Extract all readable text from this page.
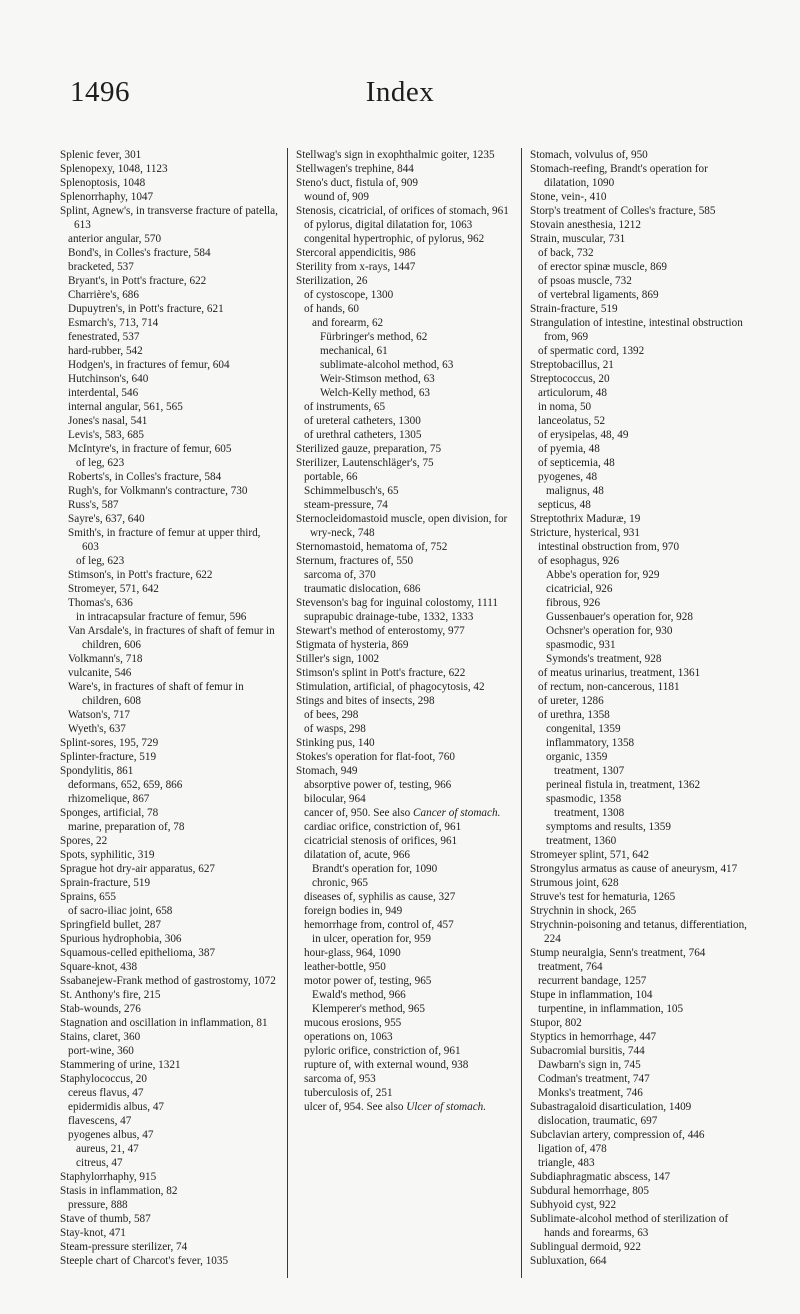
1496	Index
Splenic fever, 301
Splenopexy, 1048, 1123
Splenoptosis, 1048
Splenorrhaphy, 1047
Splint, Agnew's, in transverse fracture of patella, 613
anterior angular, 570
Bond's, in Colles's fracture, 584
bracketed, 537
Bryant's, in Pott's fracture, 622
Charrière's, 686
Dupuytren's, in Pott's fracture, 621
Esmarch's, 713, 714
fenestrated, 537
hard-rubber, 542
Hodgen's, in fractures of femur, 604
Hutchinson's, 640
interdental, 546
internal angular, 561, 565
Jones's nasal, 541
Levis's, 583, 685
McIntyre's, in fracture of femur, 605
of leg, 623
Roberts's, in Colles's fracture, 584
Rugh's, for Volkmann's contracture, 730
Russ's, 587
Sayre's, 637, 640
Smith's, in fracture of femur at upper third, 603
of leg, 623
Stimson's, in Pott's fracture, 622
Stromeyer, 571, 642
Thomas's, 636
in intracapsular fracture of femur, 596
Van Arsdale's, in fractures of shaft of femur in children, 606
Volkmann's, 718
vulcanite, 546
Ware's, in fractures of shaft of femur in children, 608
Watson's, 717
Wyeth's, 637
Splint-sores, 195, 729
Splinter-fracture, 519
Spondylitis, 861
deformans, 652, 659, 866
rhizomelique, 867
Sponges, artificial, 78
marine, preparation of, 78
Spores, 22
Spots, syphilitic, 319
Sprague hot dry-air apparatus, 627
Sprain-fracture, 519
Sprains, 655
of sacro-iliac joint, 658
Springfield bullet, 287
Spurious hydrophobia, 306
Squamous-celled epithelioma, 387
Square-knot, 438
Ssabanejew-Frank method of gastrostomy, 1072
St. Anthony's fire, 215
Stab-wounds, 276
Stagnation and oscillation in inflammation, 81
Stains, claret, 360
port-wine, 360
Stammering of urine, 1321
Staphylococcus, 20
cereus flavus, 47
epidermidis albus, 47
flavescens, 47
pyogenes albus, 47
aureus, 21, 47
citreus, 47
Staphylorrhaphy, 915
Stasis in inflammation, 82
pressure, 888
Stave of thumb, 587
Stay-knot, 471
Steam-pressure sterilizer, 74
Steeple chart of Charcot's fever, 1035
Stellwag's sign in exophthalmic goiter, 1235
Stellwagen's trephine, 844
Steno's duct, fistula of, 909
wound of, 909
Stenosis, cicatricial, of orifices of stomach, 961
of pylorus, digital dilatation for, 1063
congenital hypertrophic, of pylorus, 962
Stercoral appendicitis, 986
Sterility from x-rays, 1447
Sterilization, 26
of cystoscope, 1300
of hands, 60
and forearm, 62
Fürbringer's method, 62
mechanical, 61
sublimate-alcohol method, 63
Weir-Stimson method, 63
Welch-Kelly method, 63
of instruments, 65
of ureteral catheters, 1300
of urethral catheters, 1305
Sterilized gauze, preparation, 75
Sterilizer, Lautenschläger's, 75
portable, 66
Schimmelbusch's, 65
steam-pressure, 74
Sternocleidomastoid muscle, open division, for wry-neck, 748
Sternomastoid, hematoma of, 752
Sternum, fractures of, 550
sarcoma of, 370
traumatic dislocation, 686
Stevenson's bag for inguinal colostomy, 1111
suprapubic drainage-tube, 1332, 1333
Stewart's method of enterostomy, 977
Stigmata of hysteria, 869
Stiller's sign, 1002
Stimson's splint in Pott's fracture, 622
Stimulation, artificial, of phagocytosis, 42
Stings and bites of insects, 298
of bees, 298
of wasps, 298
Stinking pus, 140
Stokes's operation for flat-foot, 760
Stomach, 949
absorptive power of, testing, 966
bilocular, 964
cancer of, 950. See also Cancer of stomach.
cardiac orifice, constriction of, 961
cicatricial stenosis of orifices, 961
dilatation of, acute, 966
Brandt's operation for, 1090
chronic, 965
diseases of, syphilis as cause, 327
foreign bodies in, 949
hemorrhage from, control of, 457
in ulcer, operation for, 959
hour-glass, 964, 1090
leather-bottle, 950
motor power of, testing, 965
Ewald's method, 966
Klemperer's method, 965
mucous erosions, 955
operations on, 1063
pyloric orifice, constriction of, 961
rupture of, with external wound, 938
sarcoma of, 953
tuberculosis of, 251
ulcer of, 954. See also Ulcer of stomach.
Stomach, volvulus of, 950
Stomach-reefing, Brandt's operation for dilatation, 1090
Stone, vein-, 410
Storp's treatment of Colles's fracture, 585
Stovain anesthesia, 1212
Strain, muscular, 731
of back, 732
of erector spinæ muscle, 869
of psoas muscle, 732
of vertebral ligaments, 869
Strain-fracture, 519
Strangulation of intestine, intestinal obstruction from, 969
of spermatic cord, 1392
Streptobacillus, 21
Streptococcus, 20
articulorum, 48
in noma, 50
lanceolatus, 52
of erysipelas, 48, 49
of pyemia, 48
of septicemia, 48
pyogenes, 48
malignus, 48
septicus, 48
Streptothrix Maduræ, 19
Stricture, hysterical, 931
intestinal obstruction from, 970
of esophagus, 926
Abbe's operation for, 929
cicatricial, 926
fibrous, 926
Gussenbauer's operation for, 928
Ochsner's operation for, 930
spasmodic, 931
Symonds's treatment, 928
of meatus urinarius, treatment, 1361
of rectum, non-cancerous, 1181
of ureter, 1286
of urethra, 1358
congenital, 1359
inflammatory, 1358
organic, 1359
treatment, 1307
perineal fistula in, treatment, 1362
spasmodic, 1358
treatment, 1308
symptoms and results, 1359
treatment, 1360
Stromeyer splint, 571, 642
Strongylus armatus as cause of aneurysm, 417
Strumous joint, 628
Struve's test for hematuria, 1265
Strychnin in shock, 265
Strychnin-poisoning and tetanus, differentiation, 224
Stump neuralgia, Senn's treatment, 764
treatment, 764
recurrent bandage, 1257
Stupe in inflammation, 104
turpentine, in inflammation, 105
Stupor, 802
Styptics in hemorrhage, 447
Subacromial bursitis, 744
Dawbarn's sign in, 745
Codman's treatment, 747
Monks's treatment, 746
Subastragaloid disarticulation, 1409
dislocation, traumatic, 697
Subclavian artery, compression of, 446
ligation of, 478
triangle, 483
Subdiaphragmatic abscess, 147
Subdural hemorrhage, 805
Subhyoid cyst, 922
Sublimate-alcohol method of sterilization of hands and forearms, 63
Sublingual dermoid, 922
Subluxation, 664
